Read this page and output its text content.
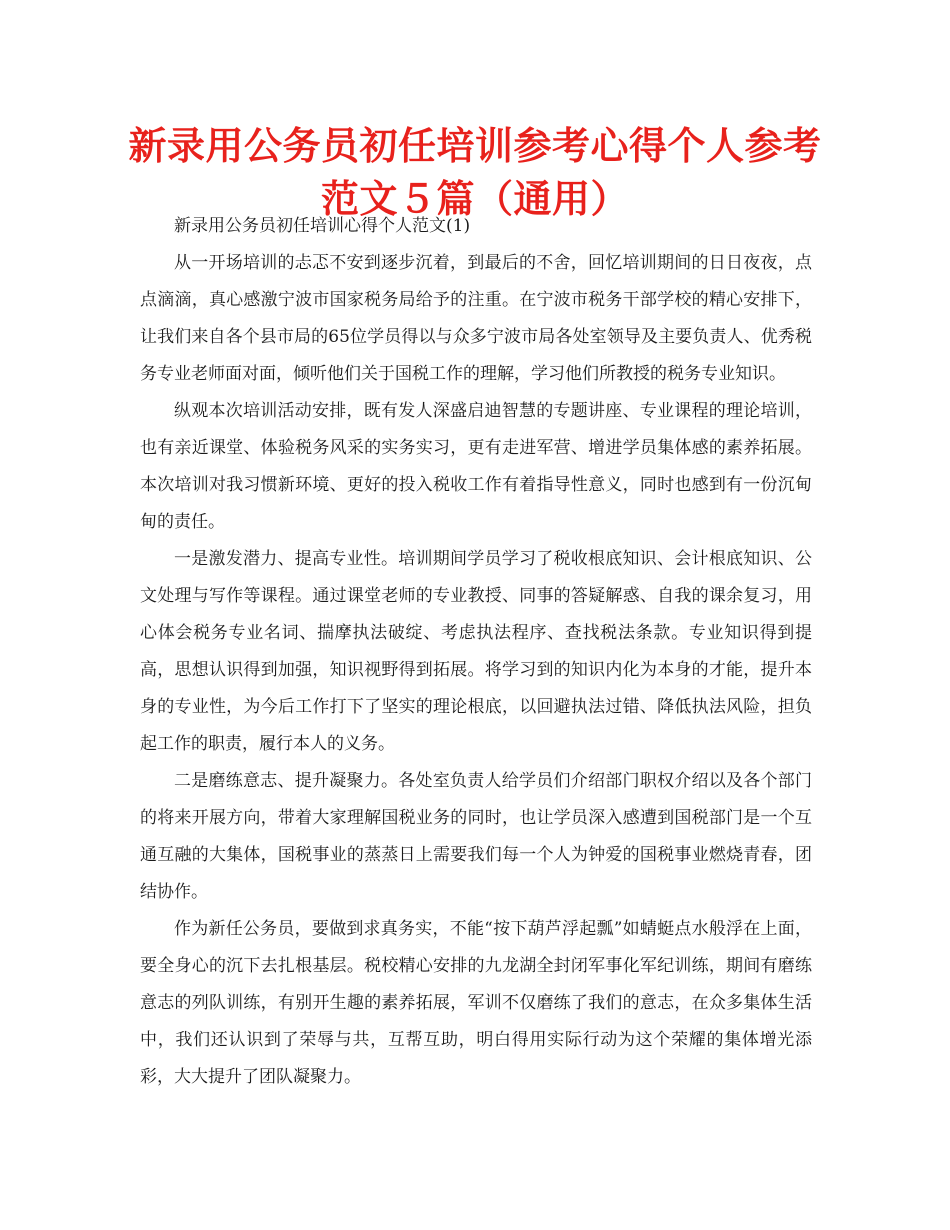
新录用公务员初任培训参考心得个人参考范文５篇（通用）

新录用公务员初任培训心得个人范文(1)

从一开场培训的忐忑不安到逐步沉着，到最后的不舍，回忆培训期间的日日夜夜，点点滴滴，真心感激宁波市国家税务局给予的注重。在宁波市税务干部学校的精心安排下，让我们来自各个县市局的65位学员得以与众多宁波市局各处室领导及主要负责人、优秀税务专业老师面对面，倾听他们关于国税工作的理解，学习他们所教授的税务专业知识。

纵观本次培训活动安排，既有发人深盛启迪智慧的专题讲座、专业课程的理论培训，也有亲近课堂、体验税务风采的实务实习，更有走进军营、增进学员集体感的素养拓展。本次培训对我习惯新环境、更好的投入税收工作有着指导性意义，同时也感到有一份沉甸甸的责任。

一是激发潜力、提高专业性。培训期间学员学习了税收根底知识、会计根底知识、公文处理与写作等课程。通过课堂老师的专业教授、同事的答疑解惑、自我的课余复习，用心体会税务专业名词、揣摩执法破绽、考虑执法程序、查找税法条款。专业知识得到提高，思想认识得到加强，知识视野得到拓展。将学习到的知识内化为本身的才能，提升本身的专业性，为今后工作打下了坚实的理论根底，以回避执法过错、降低执法风险，担负起工作的职责，履行本人的义务。

二是磨练意志、提升凝聚力。各处室负责人给学员们介绍部门职权介绍以及各个部门的将来开展方向，带着大家理解国税业务的同时，也让学员深入感遭到国税部门是一个互通互融的大集体，国税事业的蒸蒸日上需要我们每一个人为钟爱的国税事业燃烧青春，团结协作。

作为新任公务员，要做到求真务实，不能“按下葫芦浮起瓢”如蜻蜓点水般浮在上面，要全身心的沉下去扎根基层。税校精心安排的九龙湖全封闭军事化军纪训练，期间有磨练意志的列队训练，有别开生趣的素养拓展，军训不仅磨练了我们的意志，在众多集体生活中，我们还认识到了荣辱与共，互帮互助，明白得用实际行动为这个荣耀的集体增光添彩，大大提升了团队凝聚力。
